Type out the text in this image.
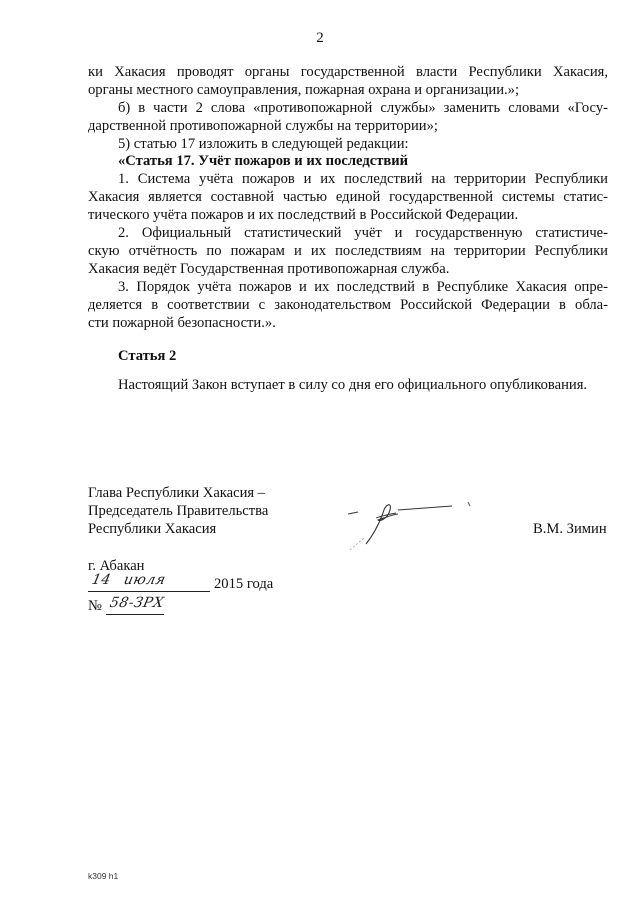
2
ки Хакасия проводят органы государственной власти Республики Хакасия,
органы местного самоуправления, пожарная охрана и организации.»;
б) в части 2 слова «противопожарной службы» заменить словами «Госу-
дарственной противопожарной службы на территории»;
5) статью 17 изложить в следующей редакции:
«Статья 17. Учёт пожаров и их последствий
1. Система учёта пожаров и их последствий на территории Республики
Хакасия является составной частью единой государственной системы статис-
тического учёта пожаров и их последствий в Российской Федерации.
2. Официальный статистический учёт и государственную статистиче-
скую отчётность по пожарам и их последствиям на территории Республики
Хакасия ведёт Государственная противопожарная служба.
3. Порядок учёта пожаров и их последствий в Республике Хакасия опре-
деляется в соответствии с законодательством Российской Федерации в обла-
сти пожарной безопасности.».
Статья 2
Настоящий Закон вступает в силу со дня его официального опубликования.
Глава Республики Хакасия –
Председатель Правительства
Республики Хакасия	В.М. Зимин
г. Абакан
14 июля	2015 года
№ 58-ЗРХ
k309 h1
